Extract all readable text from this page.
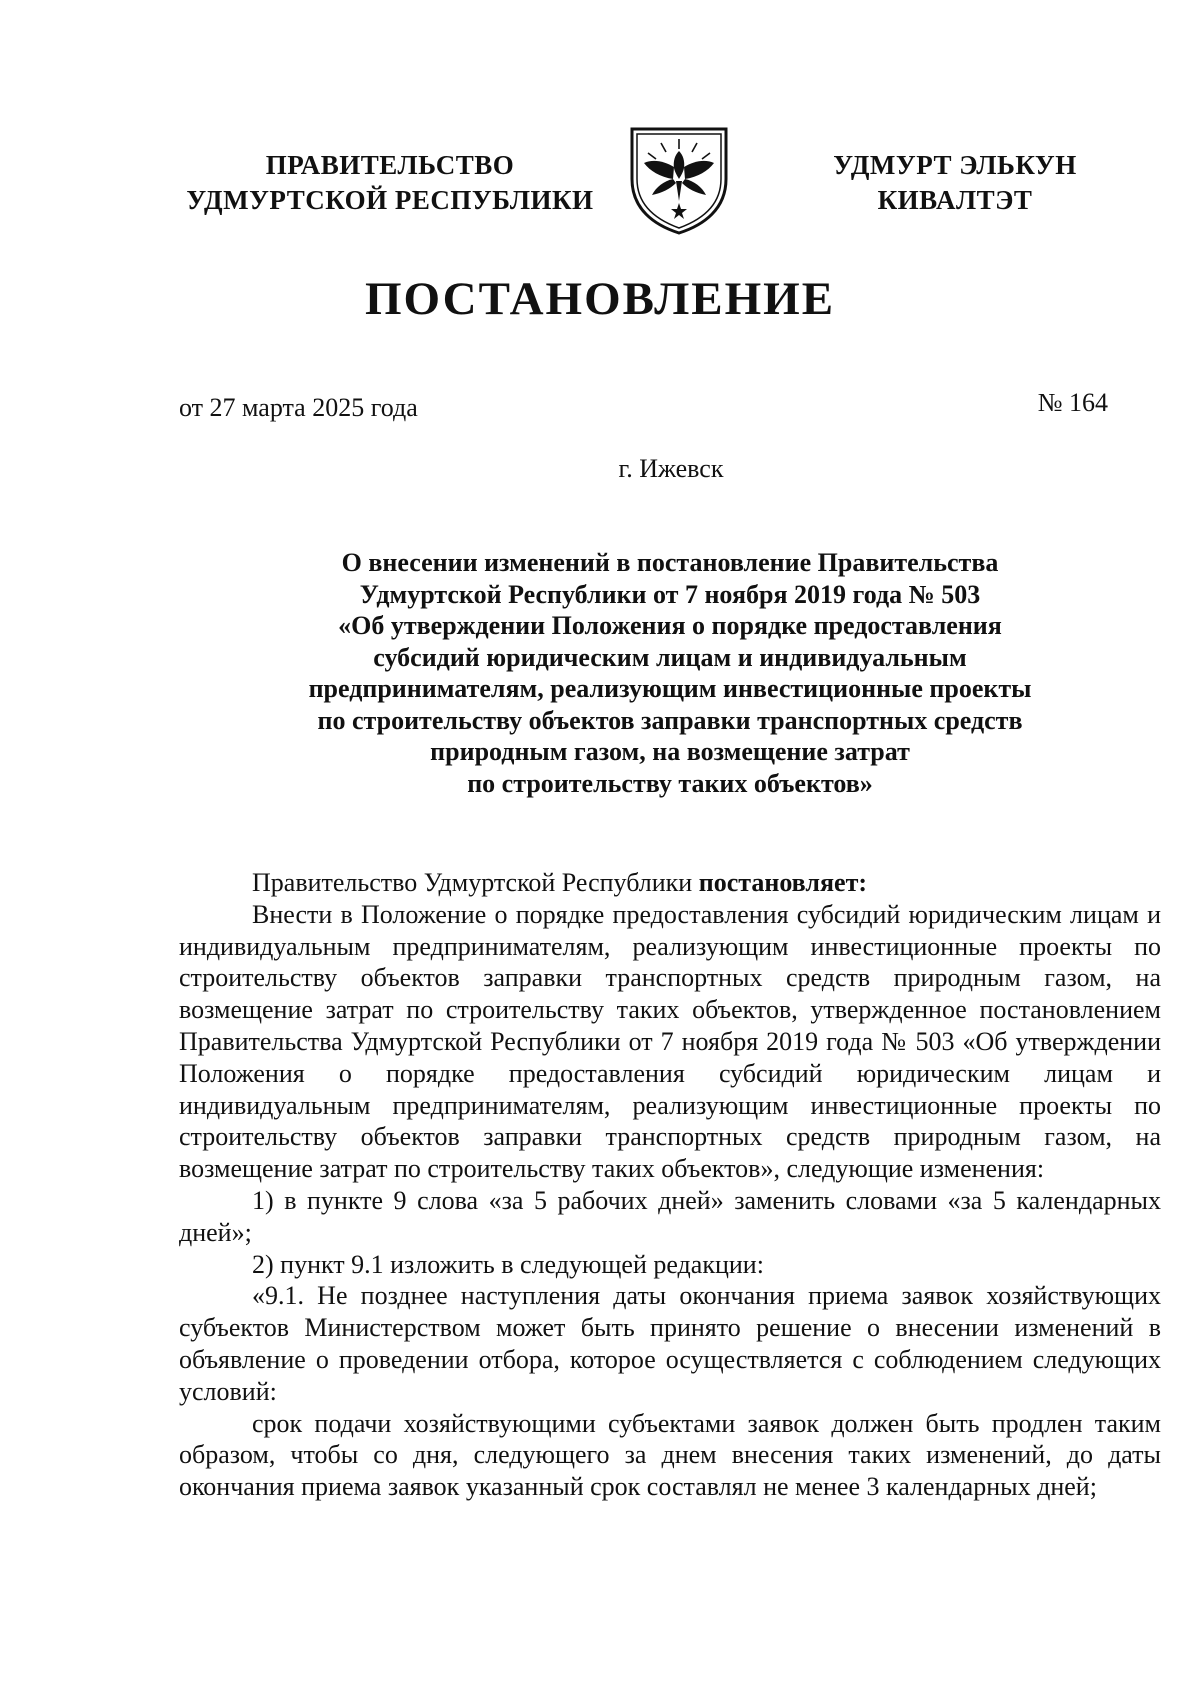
ПРАВИТЕЛЬСТВО
УДМУРТСКОЙ РЕСПУБЛИКИ
УДМУРТ ЭЛЬКУН
КИВАЛТЭТ
ПОСТАНОВЛЕНИЕ
от 27 марта 2025 года	№ 164
г. Ижевск
О внесении изменений в постановление Правительства
Удмуртской Республики от 7 ноября 2019 года № 503
«Об утверждении Положения о порядке предоставления
субсидий юридическим лицам и индивидуальным
предпринимателям, реализующим инвестиционные проекты
по строительству объектов заправки транспортных средств
природным газом, на возмещение затрат
по строительству таких объектов»

Правительство Удмуртской Республики постановляет:

Внести в Положение о порядке предоставления субсидий юридическим лицам и индивидуальным предпринимателям, реализующим инвестиционные проекты по строительству объектов заправки транспортных средств природным газом, на возмещение затрат по строительству таких объектов, утвержденное постановлением Правительства Удмуртской Республики от 7 ноября 2019 года № 503 «Об утверждении Положения о порядке предоставления субсидий юридическим лицам и индивидуальным предпринимателям, реализующим инвестиционные проекты по строительству объектов заправки транспортных средств природным газом, на возмещение затрат по строительству таких объектов», следующие изменения:

1) в пункте 9 слова «за 5 рабочих дней» заменить словами «за 5 календарных дней»;

2) пункт 9.1 изложить в следующей редакции:

«9.1. Не позднее наступления даты окончания приема заявок хозяйствующих субъектов Министерством может быть принято решение о внесении изменений в объявление о проведении отбора, которое осуществляется с соблюдением следующих условий:

срок подачи хозяйствующими субъектами заявок должен быть продлен таким образом, чтобы со дня, следующего за днем внесения таких изменений, до даты окончания приема заявок указанный срок составлял не менее 3 календарных дней;
